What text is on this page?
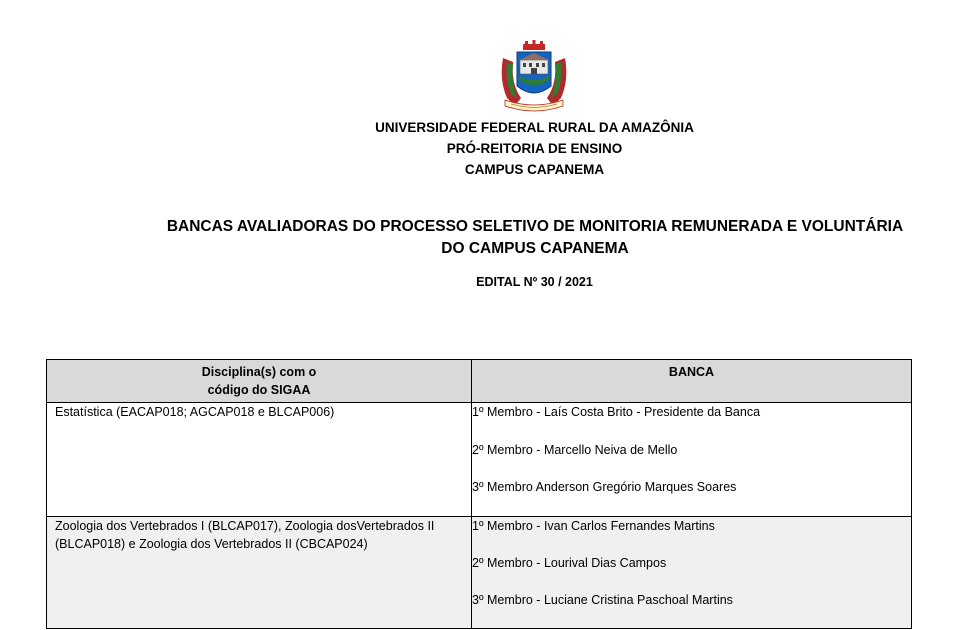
UNIVERSIDADE FEDERAL RURAL DA AMAZÔNIA
PRÓ-REITORIA DE ENSINO
CAMPUS CAPANEMA
BANCAS AVALIADORAS DO PROCESSO SELETIVO DE MONITORIA REMUNERADA E VOLUNTÁRIA
DO CAMPUS CAPANEMA
EDITAL Nº 30 / 2021
Disciplina(s) com o
código do SIGAA	BANCA
Estatística (EACAP018; AGCAP018 e BLCAP006)	1º Membro - Laís Costa Brito - Presidente da Banca
2º Membro - Marcello Neiva de Mello
3º Membro Anderson Gregório Marques Soares

Zoologia dos Vertebrados I (BLCAP017), Zoologia dosVertebrados II (BLCAP018) e Zoologia dos Vertebrados II (CBCAP024)	1º Membro - Ivan Carlos Fernandes Martins
2º Membro - Lourival Dias Campos
3º Membro - Luciane Cristina Paschoal Martins
